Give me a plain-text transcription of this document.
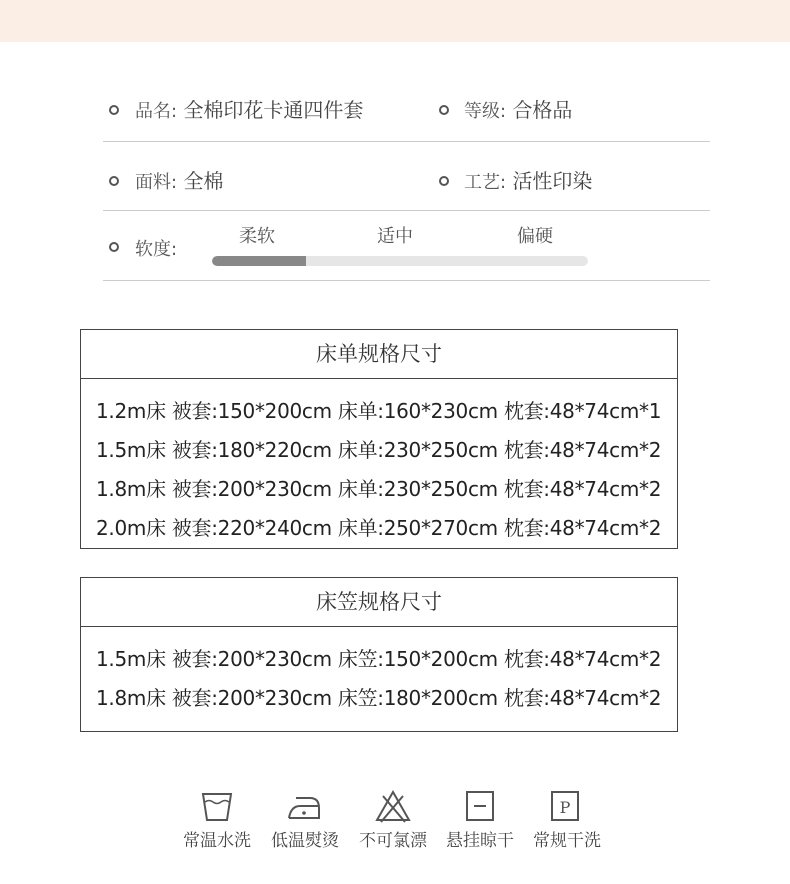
品名: 全棉印花卡通四件套	等级: 合格品
面料: 全棉	工艺: 活性印染
软度:
柔软	适中	偏硬
床单规格尺寸
1.2m床 被套:150*200cm 床单:160*230cm 枕套:48*74cm*1
1.5m床 被套:180*220cm 床单:230*250cm 枕套:48*74cm*2
1.8m床 被套:200*230cm 床单:230*250cm 枕套:48*74cm*2
2.0m床 被套:220*240cm 床单:250*270cm 枕套:48*74cm*2
床笠规格尺寸
1.5m床 被套:200*230cm 床笠:150*200cm 枕套:48*74cm*2
1.8m床 被套:200*230cm 床笠:180*200cm 枕套:48*74cm*2
P
常温水洗	低温熨烫	不可氯漂	悬挂晾干	常规干洗
